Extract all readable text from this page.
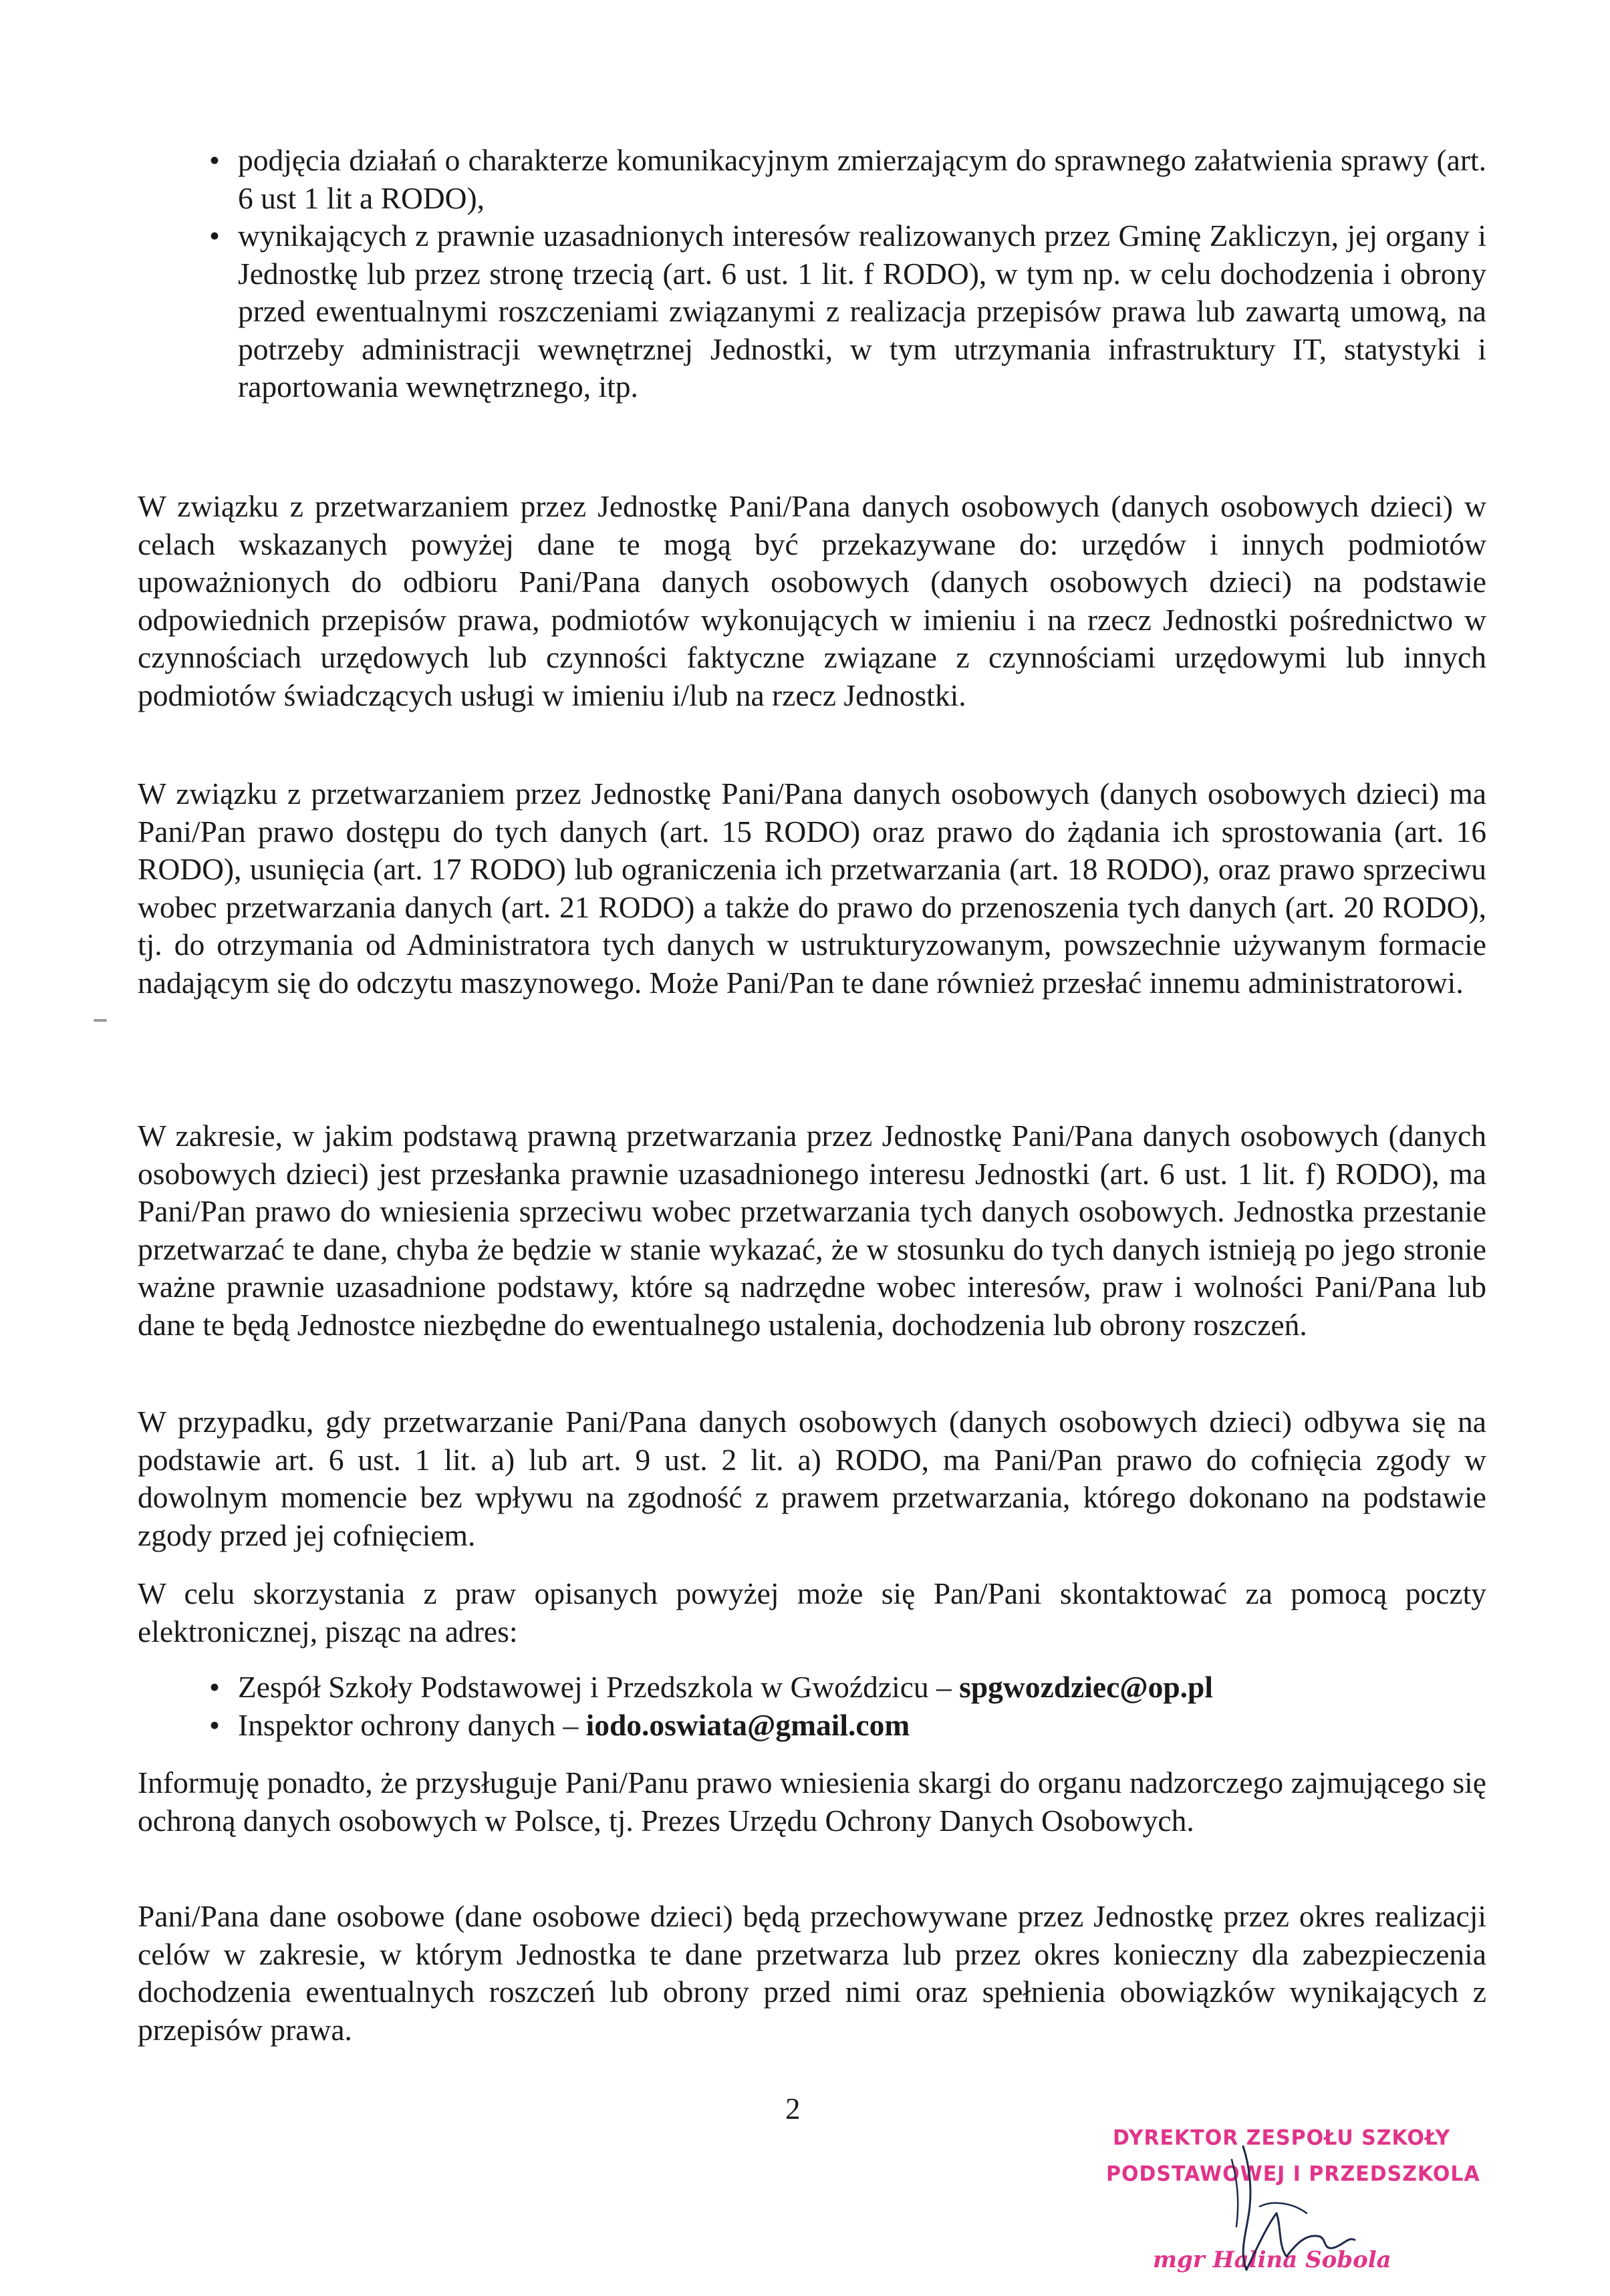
• podjęcia działań o charakterze komunikacyjnym zmierzającym do sprawnego załatwienia sprawy (art. 6 ust 1 lit a RODO),
• wynikających z prawnie uzasadnionych interesów realizowanych przez Gminę Zakliczyn, jej organy i Jednostkę lub przez stronę trzecią (art. 6 ust. 1 lit. f RODO), w tym np. w celu dochodzenia i obrony przed ewentualnymi roszczeniami związanymi z realizacja przepisów prawa lub zawartą umową, na potrzeby administracji wewnętrznej Jednostki, w tym utrzymania infrastruktury IT, statystyki i raportowania wewnętrznego, itp.

W związku z przetwarzaniem przez Jednostkę Pani/Pana danych osobowych (danych osobowych dzieci) w celach wskazanych powyżej dane te mogą być przekazywane do: urzędów i innych podmiotów upoważnionych do odbioru Pani/Pana danych osobowych (danych osobowych dzieci) na podstawie odpowiednich przepisów prawa, podmiotów wykonujących w imieniu i na rzecz Jednostki pośrednictwo w czynnościach urzędowych lub czynności faktyczne związane z czynnościami urzędowymi lub innych podmiotów świadczących usługi w imieniu i/lub na rzecz Jednostki.

W związku z przetwarzaniem przez Jednostkę Pani/Pana danych osobowych (danych osobowych dzieci) ma Pani/Pan prawo dostępu do tych danych (art. 15 RODO) oraz prawo do żądania ich sprostowania (art. 16 RODO), usunięcia (art. 17 RODO) lub ograniczenia ich przetwarzania (art. 18 RODO), oraz prawo sprzeciwu wobec przetwarzania danych (art. 21 RODO) a także do prawo do przenoszenia tych danych (art. 20 RODO), tj. do otrzymania od Administratora tych danych w ustrukturyzowanym, powszechnie używanym formacie nadającym się do odczytu maszynowego. Może Pani/Pan te dane również przesłać innemu administratorowi.

W zakresie, w jakim podstawą prawną przetwarzania przez Jednostkę Pani/Pana danych osobowych (danych osobowych dzieci) jest przesłanka prawnie uzasadnionego interesu Jednostki (art. 6 ust. 1 lit. f) RODO), ma Pani/Pan prawo do wniesienia sprzeciwu wobec przetwarzania tych danych osobowych. Jednostka przestanie przetwarzać te dane, chyba że będzie w stanie wykazać, że w stosunku do tych danych istnieją po jego stronie ważne prawnie uzasadnione podstawy, które są nadrzędne wobec interesów, praw i wolności Pani/Pana lub dane te będą Jednostce niezbędne do ewentualnego ustalenia, dochodzenia lub obrony roszczeń.

W przypadku, gdy przetwarzanie Pani/Pana danych osobowych (danych osobowych dzieci) odbywa się na podstawie art. 6 ust. 1 lit. a) lub art. 9 ust. 2 lit. a) RODO, ma Pani/Pan prawo do cofnięcia zgody w dowolnym momencie bez wpływu na zgodność z prawem przetwarzania, którego dokonano na podstawie zgody przed jej cofnięciem.

W celu skorzystania z praw opisanych powyżej może się Pan/Pani skontaktować za pomocą poczty elektronicznej, pisząc na adres:

• Zespół Szkoły Podstawowej i Przedszkola w Gwoździcu – spgwozdziec@op.pl
• Inspektor ochrony danych – iodo.oswiata@gmail.com

Informuję ponadto, że przysługuje Pani/Panu prawo wniesienia skargi do organu nadzorczego zajmującego się ochroną danych osobowych w Polsce, tj. Prezes Urzędu Ochrony Danych Osobowych.

Pani/Pana dane osobowe (dane osobowe dzieci) będą przechowywane przez Jednostkę przez okres realizacji celów w zakresie, w którym Jednostka te dane przetwarza lub przez okres konieczny dla zabezpieczenia dochodzenia ewentualnych roszczeń lub obrony przed nimi oraz spełnienia obowiązków wynikających z przepisów prawa.

2
DYREKTOR ZESPOŁU SZKOŁY
PODSTAWOWEJ I PRZEDSZKOLA
mgr Halina Sobola
